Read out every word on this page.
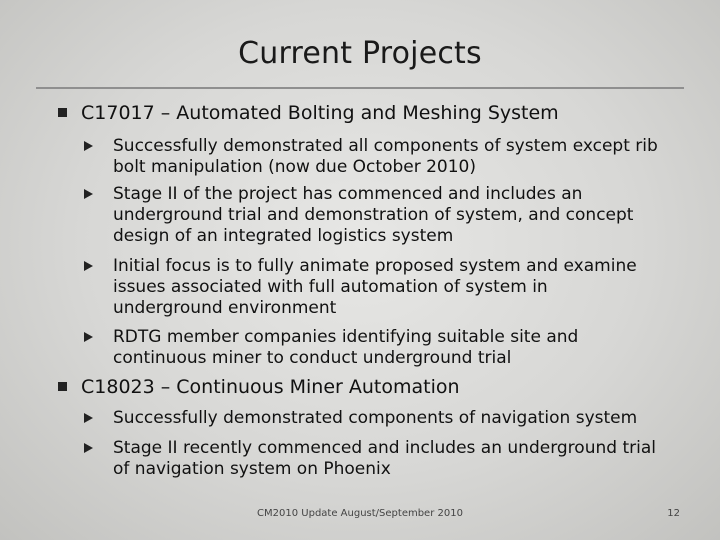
Current Projects
C17017 – Automated Bolting and Meshing System
Successfully demonstrated all components of system except rib
bolt manipulation (now due October 2010)
Stage II of the project has commenced and includes an
underground trial and demonstration of system, and concept
design of an integrated logistics system
Initial focus is to fully animate proposed system and examine
issues associated with full automation of system in
underground environment
RDTG member companies identifying suitable site and
continuous miner to conduct underground trial
C18023 – Continuous Miner Automation
Successfully demonstrated components of navigation system
Stage II recently commenced and includes an underground trial
of navigation system on Phoenix
CM2010 Update August/September 2010	12
